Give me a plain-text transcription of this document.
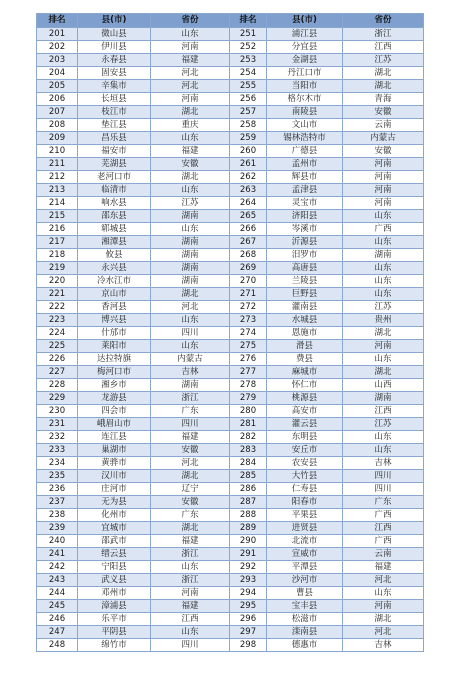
排名	县(市)	省份	排名	县(市)	省份
201	微山县	山东	251	浦江县	浙江
202	伊川县	河南	252	分宜县	江西
203	永春县	福建	253	金湖县	江苏
204	固安县	河北	254	丹江口市	湖北
205	辛集市	河北	255	当阳市	湖北
206	长垣县	河南	256	格尔木市	青海
207	枝江市	湖北	257	南陵县	安徽
208	垫江县	重庆	258	文山市	云南
209	昌乐县	山东	259	锡林浩特市	内蒙古
210	福安市	福建	260	广德县	安徽
211	芜湖县	安徽	261	孟州市	河南
212	老河口市	湖北	262	辉县市	河南
213	临清市	山东	263	孟津县	河南
214	响水县	江苏	264	灵宝市	河南
215	邵东县	湖南	265	济阳县	山东
216	郓城县	山东	266	岑溪市	广西
217	湘潭县	湖南	267	沂源县	山东
218	攸县	湖南	268	汨罗市	湖南
219	永兴县	湖南	269	高唐县	山东
220	冷水江市	湖南	270	兰陵县	山东
221	京山市	湖北	271	巨野县	山东
222	香河县	河北	272	灌南县	江苏
223	博兴县	山东	273	水城县	贵州
224	什邡市	四川	274	恩施市	湖北
225	莱阳市	山东	275	滑县	河南
226	达拉特旗	内蒙古	276	费县	山东
227	梅河口市	吉林	277	麻城市	湖北
228	湘乡市	湖南	278	怀仁市	山西
229	龙游县	浙江	279	桃源县	湖南
230	四会市	广东	280	高安市	江西
231	峨眉山市	四川	281	灌云县	江苏
232	连江县	福建	282	东明县	山东
233	巢湖市	安徽	283	安丘市	山东
234	黄骅市	河北	284	农安县	吉林
235	汉川市	湖北	285	大竹县	四川
236	庄河市	辽宁	286	仁寿县	四川
237	无为县	安徽	287	阳春市	广东
238	化州市	广东	288	平果县	广西
239	宜城市	湖北	289	进贤县	江西
240	邵武市	福建	290	北流市	广西
241	缙云县	浙江	291	宣威市	云南
242	宁阳县	山东	292	平潭县	福建
243	武义县	浙江	293	沙河市	河北
244	邓州市	河南	294	曹县	山东
245	漳浦县	福建	295	宝丰县	河南
246	乐平市	江西	296	松滋市	湖北
247	平阴县	山东	297	滦南县	河北
248	绵竹市	四川	298	德惠市	吉林
